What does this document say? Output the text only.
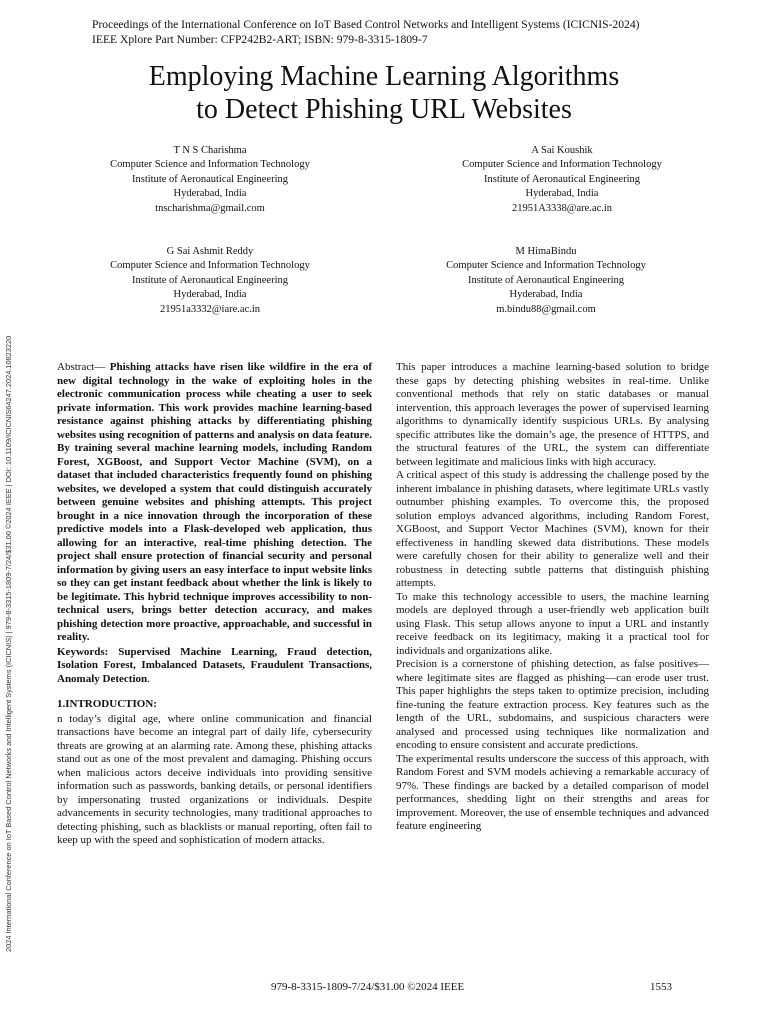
Proceedings of the International Conference on IoT Based Control Networks and Intelligent Systems (ICICNIS-2024)
IEEE Xplore Part Number: CFP242B2-ART; ISBN: 979-8-3315-1809-7
Employing Machine Learning Algorithms
to Detect Phishing URL Websites
T N S Charishma
Computer Science and Information Technology
Institute of Aeronautical Engineering
Hyderabad, India
tnscharishma@gmail.com
A Sai Koushik
Computer Science and Information Technology
Institute of Aeronautical Engineering
Hyderabad, India
21951A3338@are.ac.in
G Sai Ashmit Reddy
Computer Science and Information Technology
Institute of Aeronautical Engineering
Hyderabad, India
21951a3332@iare.ac.in
M HimaBindu
Computer Science and Information Technology
Institute of Aeronautical Engineering
Hyderabad, India
m.bindu88@gmail.com
2024 International Conference on IoT Based Control Networks and Intelligent Systems (ICICNIS) | 979-8-3315-1809-7/24/$31.00 ©2024 IEEE | DOI: 10.1109/ICICNIS64247.2024.10823220	Abstract— Phishing attacks have risen like wildfire in the era of new digital technology in the wake of exploiting holes in the electronic communication process while cheating a user to seek private information. This work provides machine learning-based resistance against phishing attacks by differentiating phishing websites using recognition of patterns and analysis on data feature. By training several machine learning models, including Random Forest, XGBoost, and Support Vector Machine (SVM), on a dataset that included characteristics frequently found on phishing websites, we developed a system that could distinguish accurately between genuine websites and phishing attempts. This project brought in a nice innovation through the incorporation of these predictive models into a Flask-developed web application, thus allowing for an interactive, real-time phishing detection. The project shall ensure protection of financial security and personal information by giving users an easy interface to input website links so they can get instant feedback about whether the link is likely to be legitimate. This hybrid technique improves accessibility to non-technical users, brings better detection accuracy, and makes phishing detection more proactive, approachable, and successful in reality.

Keywords: Supervised Machine Learning, Fraud detection, Isolation Forest, Imbalanced Datasets, Fraudulent Transactions, Anomaly Detection.

1.INTRODUCTION:

n today’s digital age, where online communication and financial transactions have become an integral part of daily life, cybersecurity threats are growing at an alarming rate. Among these, phishing attacks stand out as one of the most prevalent and damaging. Phishing occurs when malicious actors deceive individuals into providing sensitive information such as passwords, banking details, or personal identifiers by impersonating trusted organizations or individuals. Despite advancements in security technologies, many traditional approaches to detecting phishing, such as blacklists or manual reporting, often fail to keep up with the speed and sophistication of modern attacks.

This paper introduces a machine learning-based solution to bridge these gaps by detecting phishing websites in real-time. Unlike conventional methods that rely on static databases or manual intervention, this approach leverages the power of supervised learning algorithms to dynamically identify suspicious URLs. By analysing specific attributes like the domain’s age, the presence of HTTPS, and the structural features of the URL, the system can differentiate between legitimate and malicious links with high accuracy.

A critical aspect of this study is addressing the challenge posed by the inherent imbalance in phishing datasets, where legitimate URLs vastly outnumber phishing examples. To overcome this, the proposed solution employs advanced algorithms, including Random Forest, XGBoost, and Support Vector Machines (SVM), known for their effectiveness in handling skewed data distributions. These models were carefully chosen for their ability to generalize well and their robustness in detecting subtle patterns that distinguish phishing attempts.

To make this technology accessible to users, the machine learning models are deployed through a user-friendly web application built using Flask. This setup allows anyone to input a URL and instantly receive feedback on its legitimacy, making it a practical tool for individuals and organizations alike.

Precision is a cornerstone of phishing detection, as false positives—where legitimate sites are flagged as phishing—can erode user trust. This paper highlights the steps taken to optimize precision, including fine-tuning the feature extraction process. Key features such as the length of the URL, subdomains, and suspicious characters were analysed and processed using techniques like normalization and encoding to ensure consistent and accurate predictions.

The experimental results underscore the success of this approach, with Random Forest and SVM models achieving a remarkable accuracy of 97%. These findings are backed by a detailed comparison of model performances, shedding light on their strengths and areas for improvement. Moreover, the use of ensemble techniques and advanced feature engineering

979-8-3315-1809-7/24/$31.00 ©2024 IEEE	1553
